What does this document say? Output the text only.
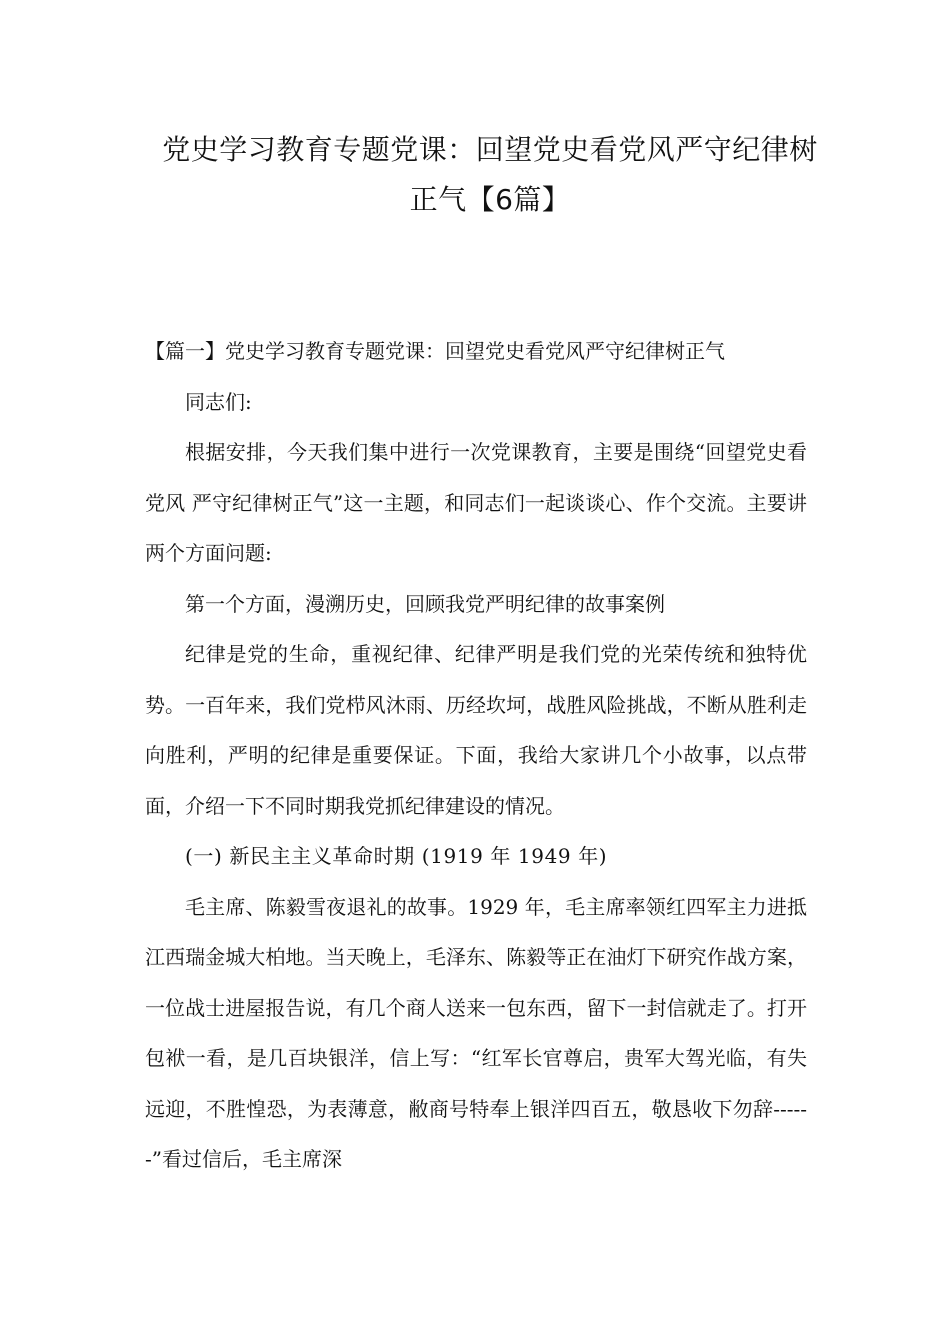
党史学习教育专题党课：回望党史看党风严守纪律树
正气【6篇】

【篇一】党史学习教育专题党课：回望党史看党风严守纪律树正气

同志们:

根据安排，今天我们集中进行一次党课教育，主要是围绕“回望党史看党风 严守纪律树正气”这一主题，和同志们一起谈谈心、作个交流。主要讲两个方面问题:

第一个方面，漫溯历史，回顾我党严明纪律的故事案例

纪律是党的生命，重视纪律、纪律严明是我们党的光荣传统和独特优势。一百年来，我们党栉风沐雨、历经坎坷，战胜风险挑战，不断从胜利走向胜利，严明的纪律是重要保证。下面，我给大家讲几个小故事，以点带面，介绍一下不同时期我党抓纪律建设的情况。

(一) 新民主主义革命时期 (1919 年 1949 年)

毛主席、陈毅雪夜退礼的故事。1929 年，毛主席率领红四军主力进抵江西瑞金城大柏地。当天晚上，毛泽东、陈毅等正在油灯下研究作战方案，一位战士进屋报告说，有几个商人送来一包东西，留下一封信就走了。打开包袱一看，是几百块银洋，信上写：“红军长官尊启，贵军大驾光临，有失远迎，不胜惶恐，为表薄意，敝商号特奉上银洋四百五，敬恳收下勿辞------”看过信后，毛主席深
